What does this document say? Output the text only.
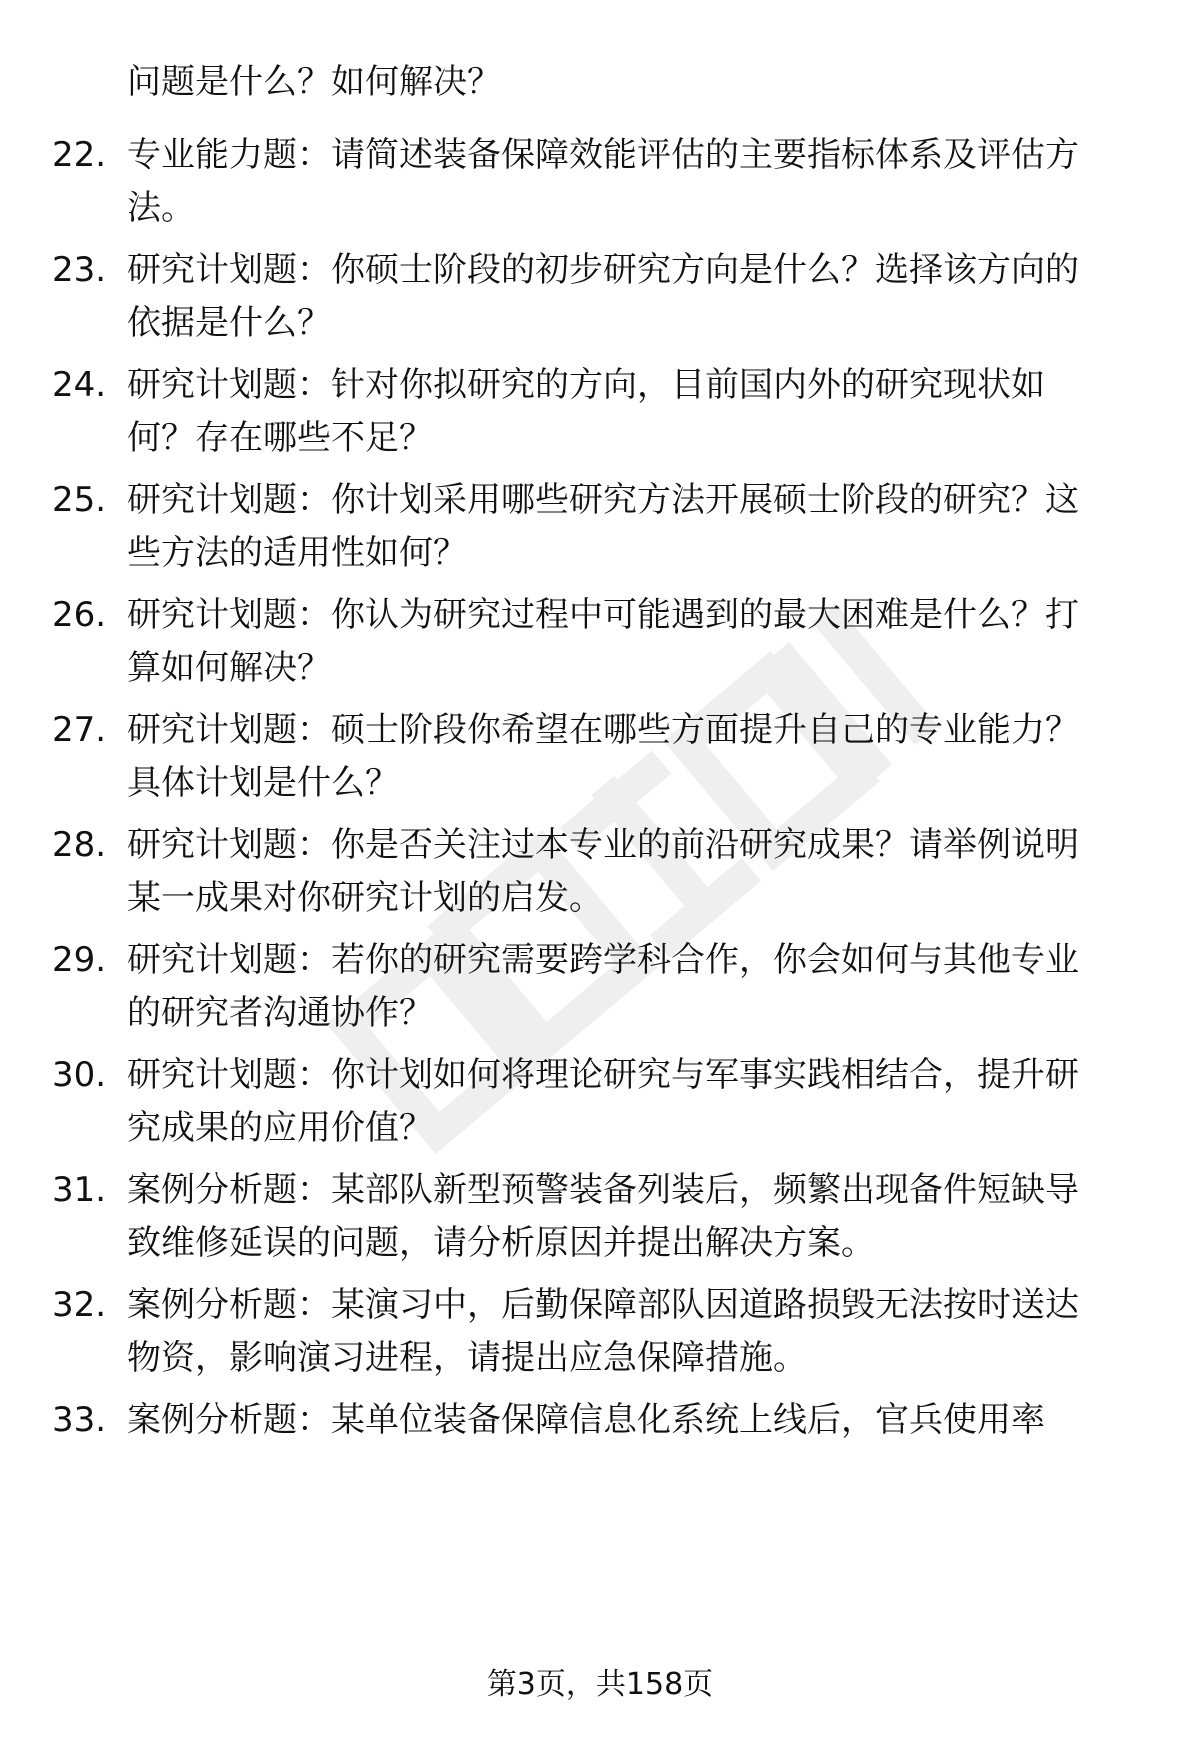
问题是什么？如何解决？
22. 专业能力题：请简述装备保障效能评估的主要指标体系及评估方
法。
23. 研究计划题：你硕士阶段的初步研究方向是什么？选择该方向的
依据是什么？
24. 研究计划题：针对你拟研究的方向，目前国内外的研究现状如
何？存在哪些不足？
25. 研究计划题：你计划采用哪些研究方法开展硕士阶段的研究？这
些方法的适用性如何？
26. 研究计划题：你认为研究过程中可能遇到的最大困难是什么？打
算如何解决？
27. 研究计划题：硕士阶段你希望在哪些方面提升自己的专业能力？
具体计划是什么？
28. 研究计划题：你是否关注过本专业的前沿研究成果？请举例说明
某一成果对你研究计划的启发。
29. 研究计划题：若你的研究需要跨学科合作，你会如何与其他专业
的研究者沟通协作？
30. 研究计划题：你计划如何将理论研究与军事实践相结合，提升研
究成果的应用价值？
31. 案例分析题：某部队新型预警装备列装后，频繁出现备件短缺导
致维修延误的问题，请分析原因并提出解决方案。
32. 案例分析题：某演习中，后勤保障部队因道路损毁无法按时送达
物资，影响演习进程，请提出应急保障措施。
33. 案例分析题：某单位装备保障信息化系统上线后，官兵使用率
第3页，共158页
